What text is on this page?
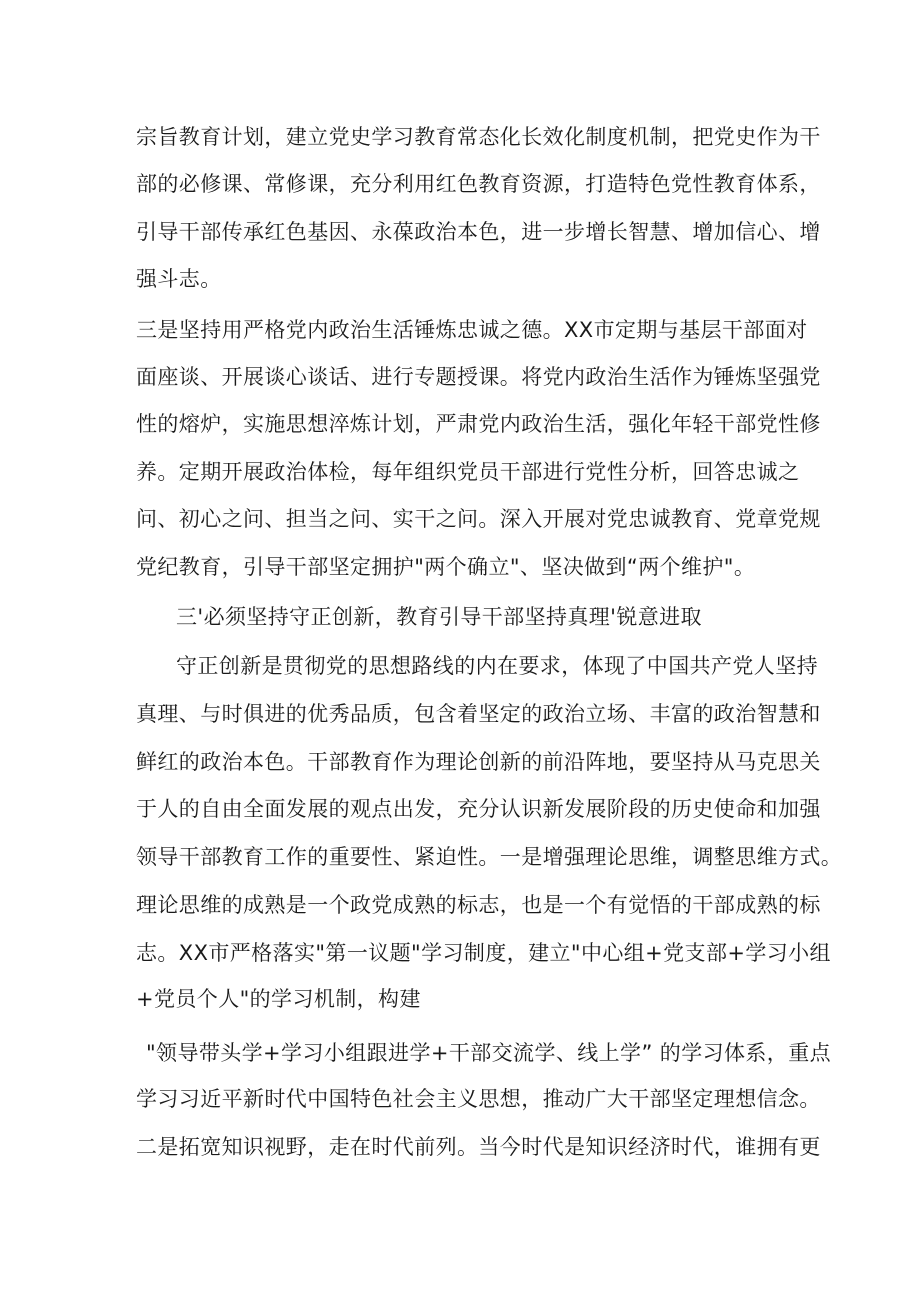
宗旨教育计划，建立党史学习教育常态化长效化制度机制，把党史作为干
部的必修课、常修课，充分利用红色教育资源，打造特色党性教育体系，
引导干部传承红色基因、永葆政治本色，进一步增长智慧、增加信心、增
强斗志。
三是坚持用严格党内政治生活锤炼忠诚之德。XX市定期与基层干部面对
面座谈、开展谈心谈话、进行专题授课。将党内政治生活作为锤炼坚强党
性的熔炉，实施思想淬炼计划，严肃党内政治生活，强化年轻干部党性修
养。定期开展政治体检，每年组织党员干部进行党性分析，回答忠诚之
问、初心之问、担当之问、实干之问。深入开展对党忠诚教育、党章党规
党纪教育，引导干部坚定拥护"两个确立"、坚决做到“两个维护"。
三'必须坚持守正创新，教育引导干部坚持真理'锐意进取
守正创新是贯彻党的思想路线的内在要求，体现了中国共产党人坚持
真理、与时俱进的优秀品质，包含着坚定的政治立场、丰富的政治智慧和
鲜红的政治本色。干部教育作为理论创新的前沿阵地，要坚持从马克思关
于人的自由全面发展的观点出发，充分认识新发展阶段的历史使命和加强
领导干部教育工作的重要性、紧迫性。一是增强理论思维，调整思维方式。
理论思维的成熟是一个政党成熟的标志，也是一个有觉悟的干部成熟的标
志。XX市严格落实"第一议题"学习制度，建立"中心组+党支部+学习小组
+党员个人"的学习机制，构建
"领导带头学+学习小组跟进学+干部交流学、线上学” 的学习体系，重点
学习习近平新时代中国特色社会主义思想，推动广大干部坚定理想信念。
二是拓宽知识视野，走在时代前列。当今时代是知识经济时代，谁拥有更
